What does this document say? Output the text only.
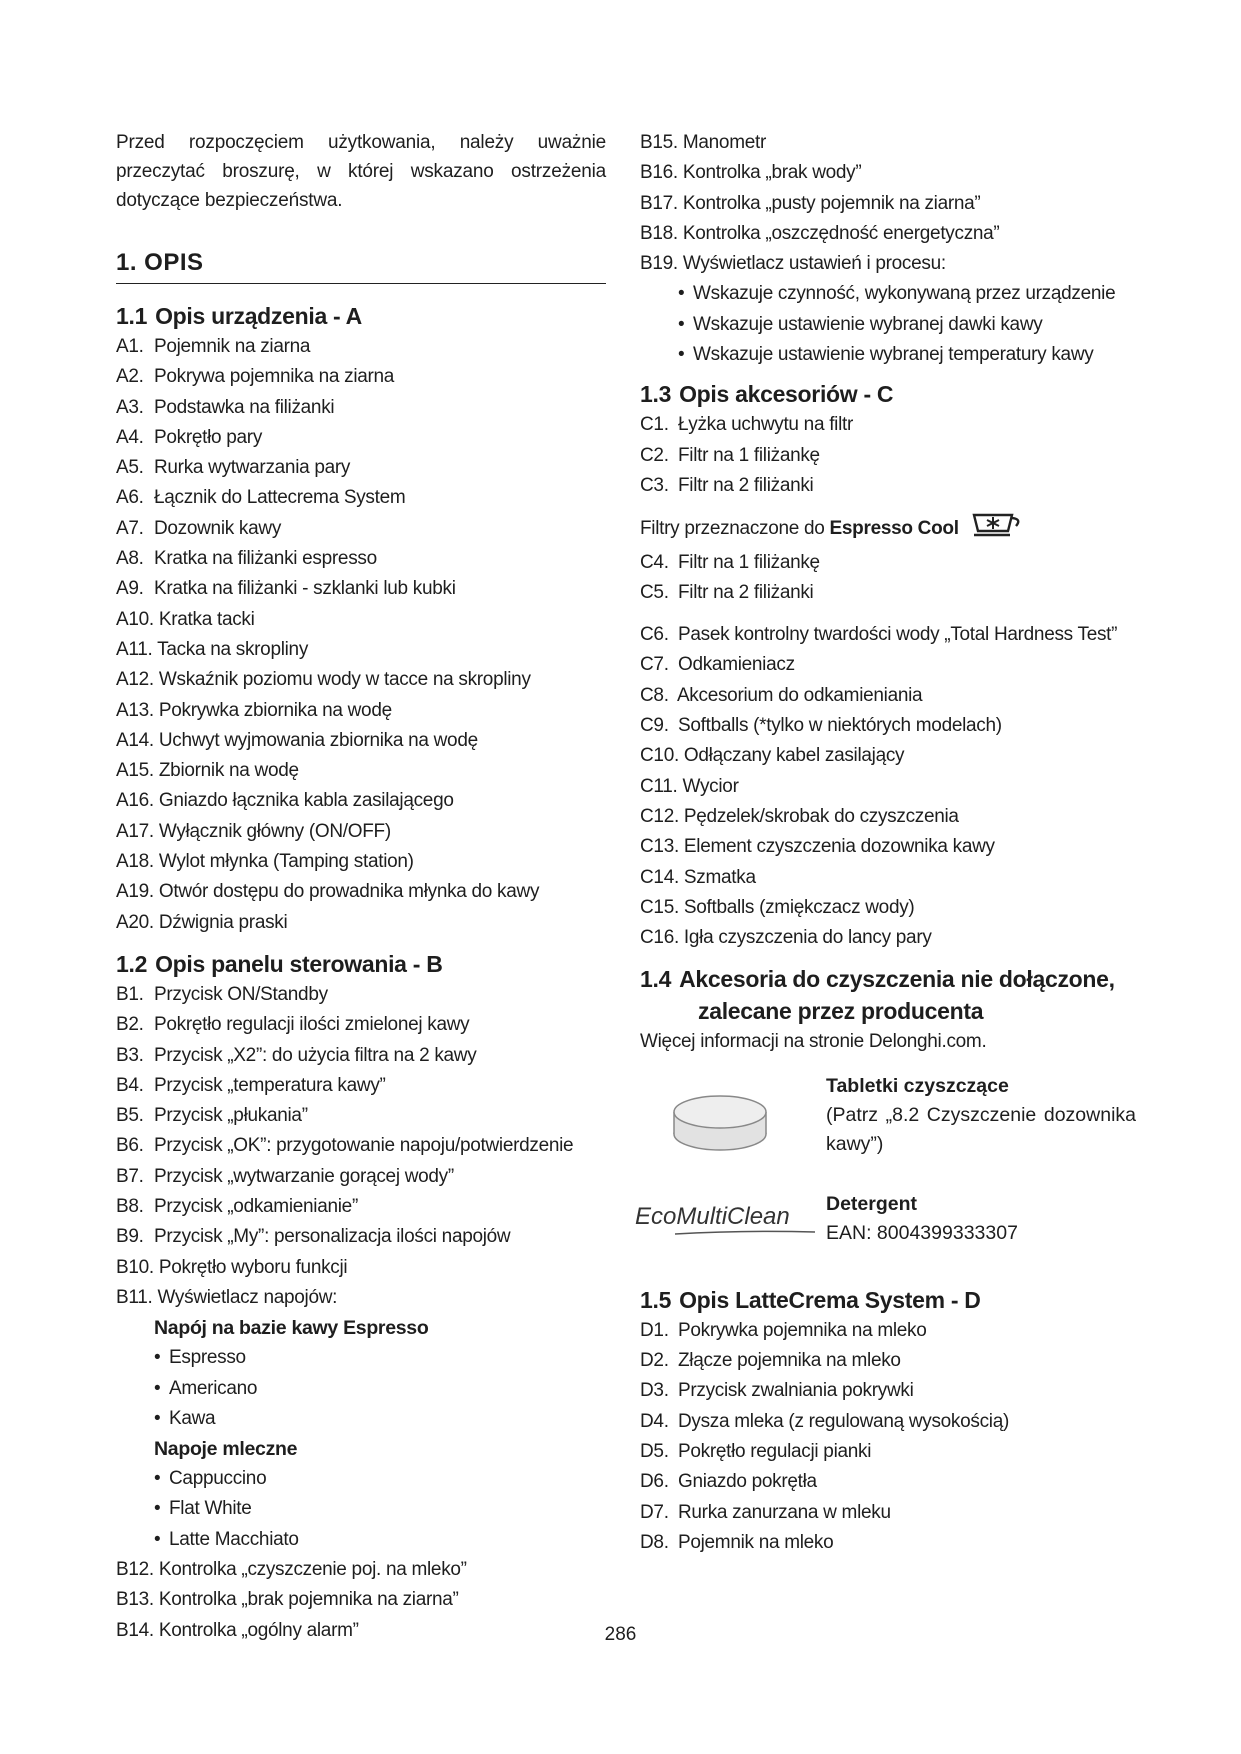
Przed rozpoczęciem użytkowania, należy uważnie przeczytać broszurę, w której wskazano ostrzeżenia dotyczące bezpieczeństwa.
1. OPIS
1.1 Opis urządzenia - A
A1. Pojemnik na ziarna
A2. Pokrywa pojemnika na ziarna
A3. Podstawka na filiżanki
A4. Pokrętło pary
A5. Rurka wytwarzania pary
A6. Łącznik do Lattecrema System
A7. Dozownik kawy
A8. Kratka na filiżanki espresso
A9. Kratka na filiżanki - szklanki lub kubki
A10. Kratka tacki
A11. Tacka na skropliny
A12. Wskaźnik poziomu wody w tacce na skropliny
A13. Pokrywka zbiornika na wodę
A14. Uchwyt wyjmowania zbiornika na wodę
A15. Zbiornik na wodę
A16. Gniazdo łącznika kabla zasilającego
A17. Wyłącznik główny (ON/OFF)
A18. Wylot młynka (Tamping station)
A19. Otwór dostępu do prowadnika młynka do kawy
A20. Dźwignia praski
1.2 Opis panelu sterowania - B
B1. Przycisk ON/Standby
B2. Pokrętło regulacji ilości zmielonej kawy
B3. Przycisk „X2”: do użycia filtra na 2 kawy
B4. Przycisk „temperatura kawy”
B5. Przycisk „płukania”
B6. Przycisk „OK”: przygotowanie napoju/potwierdzenie
B7. Przycisk „wytwarzanie gorącej wody”
B8. Przycisk „odkamienianie”
B9. Przycisk „My”: personalizacja ilości napojów
B10. Pokrętło wyboru funkcji
B11. Wyświetlacz napojów:
Napój na bazie kawy Espresso
• Espresso
• Americano
• Kawa
Napoje mleczne
• Cappuccino
• Flat White
• Latte Macchiato
B12. Kontrolka „czyszczenie poj. na mleko”
B13. Kontrolka „brak pojemnika na ziarna”
B14. Kontrolka „ogólny alarm”
B15. Manometr
B16. Kontrolka „brak wody”
B17. Kontrolka „pusty pojemnik na ziarna”
B18. Kontrolka „oszczędność energetyczna”
B19. Wyświetlacz ustawień i procesu:
• Wskazuje czynność, wykonywaną przez urządzenie
• Wskazuje ustawienie wybranej dawki kawy
• Wskazuje ustawienie wybranej temperatury kawy
1.3 Opis akcesoriów - C
C1. Łyżka uchwytu na filtr
C2. Filtr na 1 filiżankę
C3. Filtr na 2 filiżanki
Filtry przeznaczone do Espresso Cool
C4. Filtr na 1 filiżankę
C5. Filtr na 2 filiżanki
C6. Pasek kontrolny twardości wody „Total Hardness Test”
C7. Odkamieniacz
C8. Akcesorium do odkamieniania
C9. Softballs (*tylko w niektórych modelach)
C10. Odłączany kabel zasilający
C11. Wycior
C12. Pędzelek/skrobak do czyszczenia
C13. Element czyszczenia dozownika kawy
C14. Szmatka
C15. Softballs (zmiękczacz wody)
C16. Igła czyszczenia do lancy pary
1.4 Akcesoria do czyszczenia nie dołączone,
zalecane przez producenta
Więcej informacji na stronie Delonghi.com.
Tabletki czyszczące
(Patrz „8.2 Czyszczenie dozownika kawy”)
EcoMultiClean Detergent
EAN: 8004399333307
1.5 Opis LatteCrema System - D
D1. Pokrywka pojemnika na mleko
D2. Złącze pojemnika na mleko
D3. Przycisk zwalniania pokrywki
D4. Dysza mleka (z regulowaną wysokością)
D5. Pokrętło regulacji pianki
D6. Gniazdo pokrętła
D7. Rurka zanurzana w mleku
D8. Pojemnik na mleko
286
